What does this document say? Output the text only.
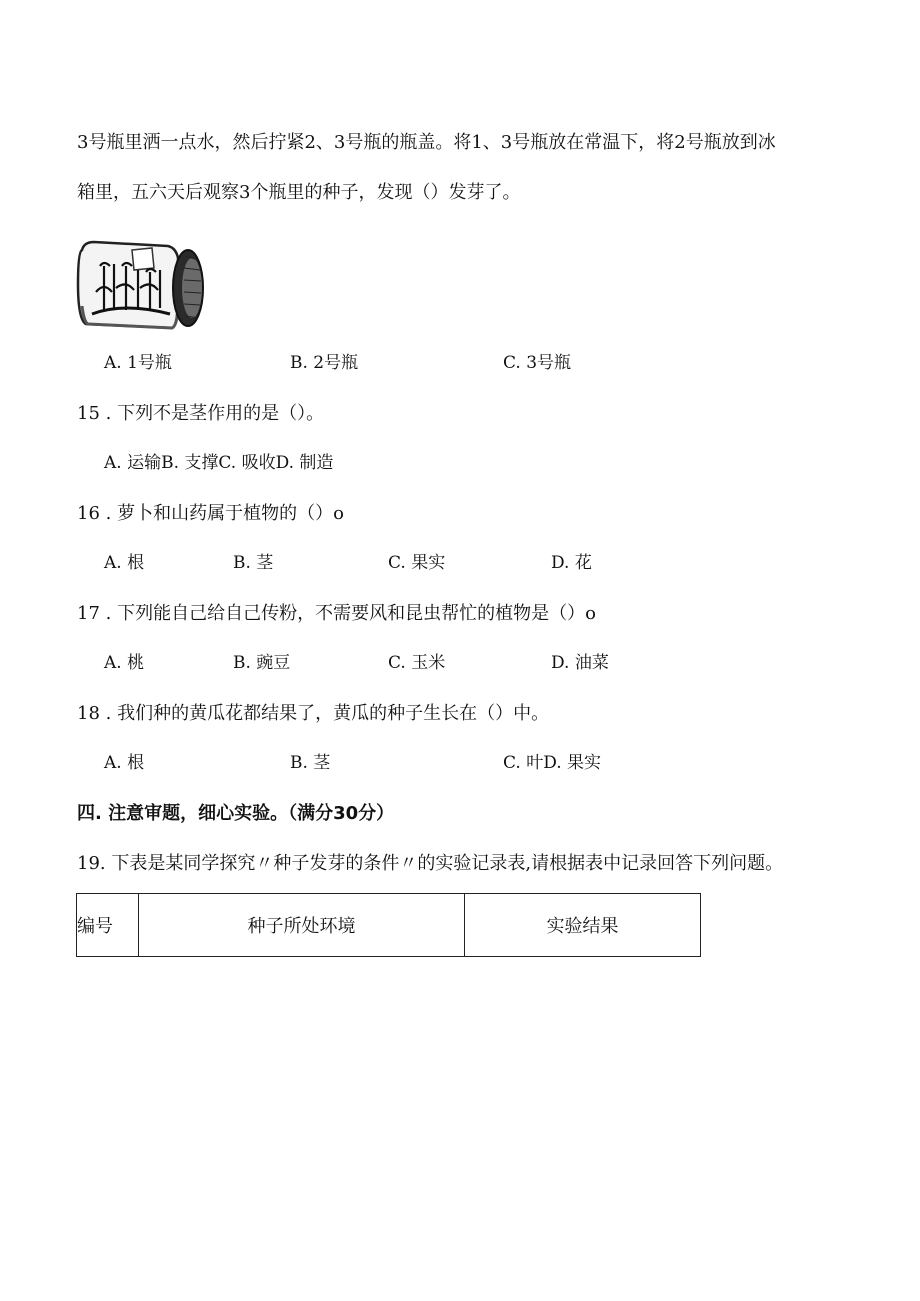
3号瓶里洒一点水，然后拧紧2、3号瓶的瓶盖。将1、3号瓶放在常温下，将2号瓶放到冰
箱里，五六天后观察3个瓶里的种子，发现（）发芽了。
A. 1号瓶	B. 2号瓶	C. 3号瓶
15 . 下列不是茎作用的是（）。
A. 运输B. 支撑C. 吸收D. 制造
16 . 萝卜和山药属于植物的（）o
A. 根	B. 茎	C. 果实	D. 花
17 . 下列能自己给自己传粉，不需要风和昆虫帮忙的植物是（）o
A. 桃	B. 豌豆	C. 玉米	D. 油菜
18 . 我们种的黄瓜花都结果了，黄瓜的种子生长在（）中。
A. 根	B. 茎	C. 叶D. 果实
四. 注意审题，细心实验。（满分30分）
19. 下表是某同学探究〃种子发芽的条件〃的实验记录表,请根据表中记录回答下列问题。
编号	种子所处环境	实验结果
